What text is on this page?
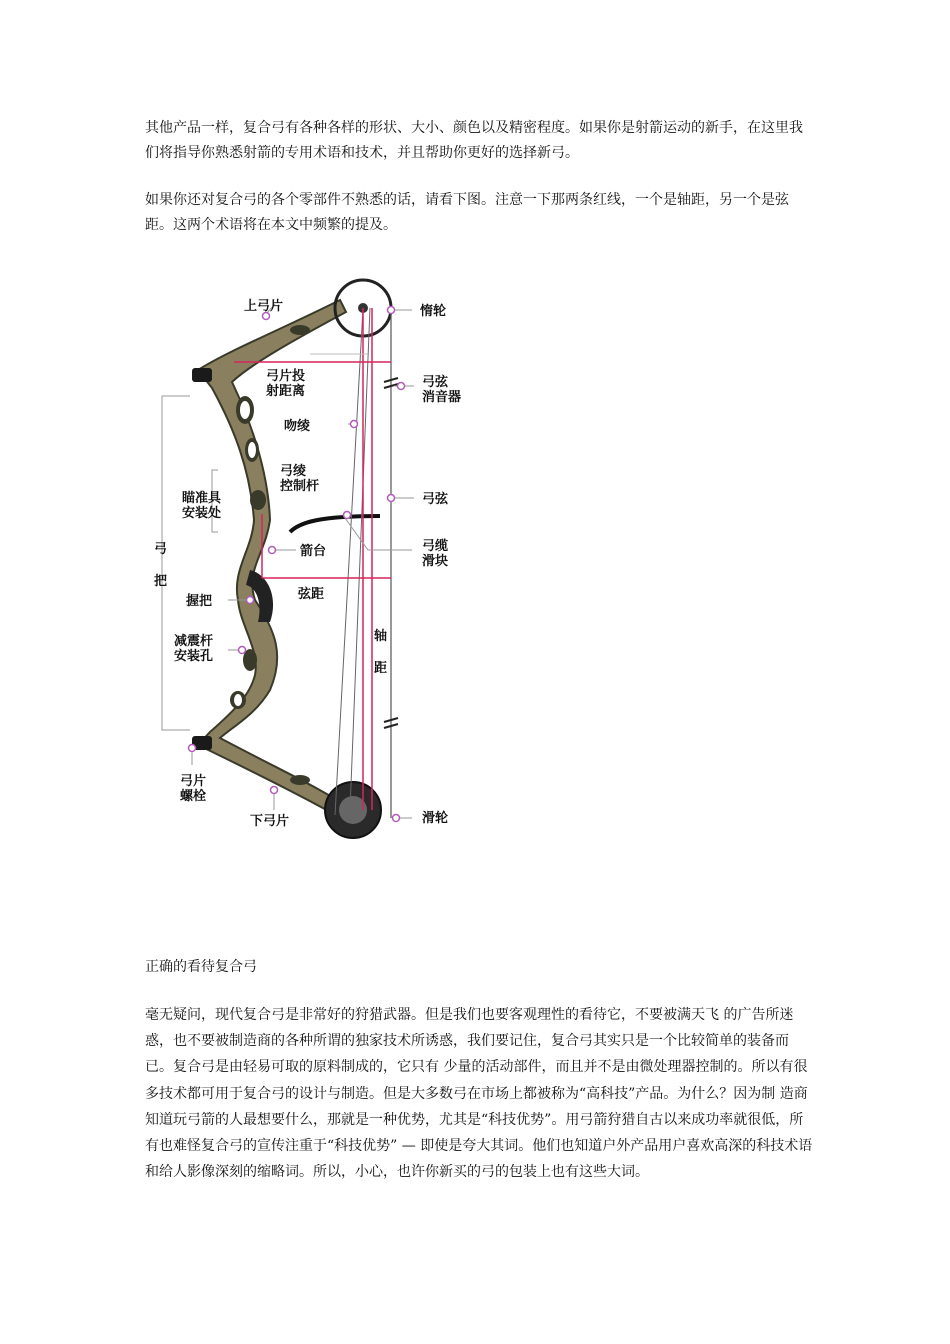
其他产品一样，复合弓有各种各样的形状、大小、颜色以及精密程度。如果你是射箭运动的新手，在这里我们将指导你熟悉射箭的专用术语和技术，并且帮助你更好的选择新弓。

如果你还对复合弓的各个零部件不熟悉的话，请看下图。注意一下那两条红线，一个是轴距，另一个是弦距。这两个术语将在本文中频繁的提及。

上弓片	惰轮
弓片投
射距离
弓弦
消音器
吻绫
弓绫
控制杆
瞄准具
安装处
弓弦
弓
把
箭台	弓缆
滑块
握把	弦距
减震杆
安装孔
轴
距
弓片
螺栓
下弓片	滑轮
正确的看待复合弓

毫无疑问，现代复合弓是非常好的狩猎武器。但是我们也要客观理性的看待它，不要被满天飞 的广告所迷惑，也不要被制造商的各种所谓的独家技术所诱惑，我们要记住，复合弓其实只是一个比较简单的装备而已。复合弓是由轻易可取的原料制成的，它只有 少量的活动部件，而且并不是由微处理器控制的。所以有很多技术都可用于复合弓的设计与制造。但是大多数弓在市场上都被称为“高科技”产品。为什么？因为制 造商知道玩弓箭的人最想要什么，那就是一种优势，尤其是“科技优势”。用弓箭狩猎自古以来成功率就很低，所有也难怪复合弓的宣传注重于“科技优势” — 即使是夸大其词。他们也知道户外产品用户喜欢高深的科技术语和给人影像深刻的缩略词。所以，小心，也许你新买的弓的包装上也有这些大词。
